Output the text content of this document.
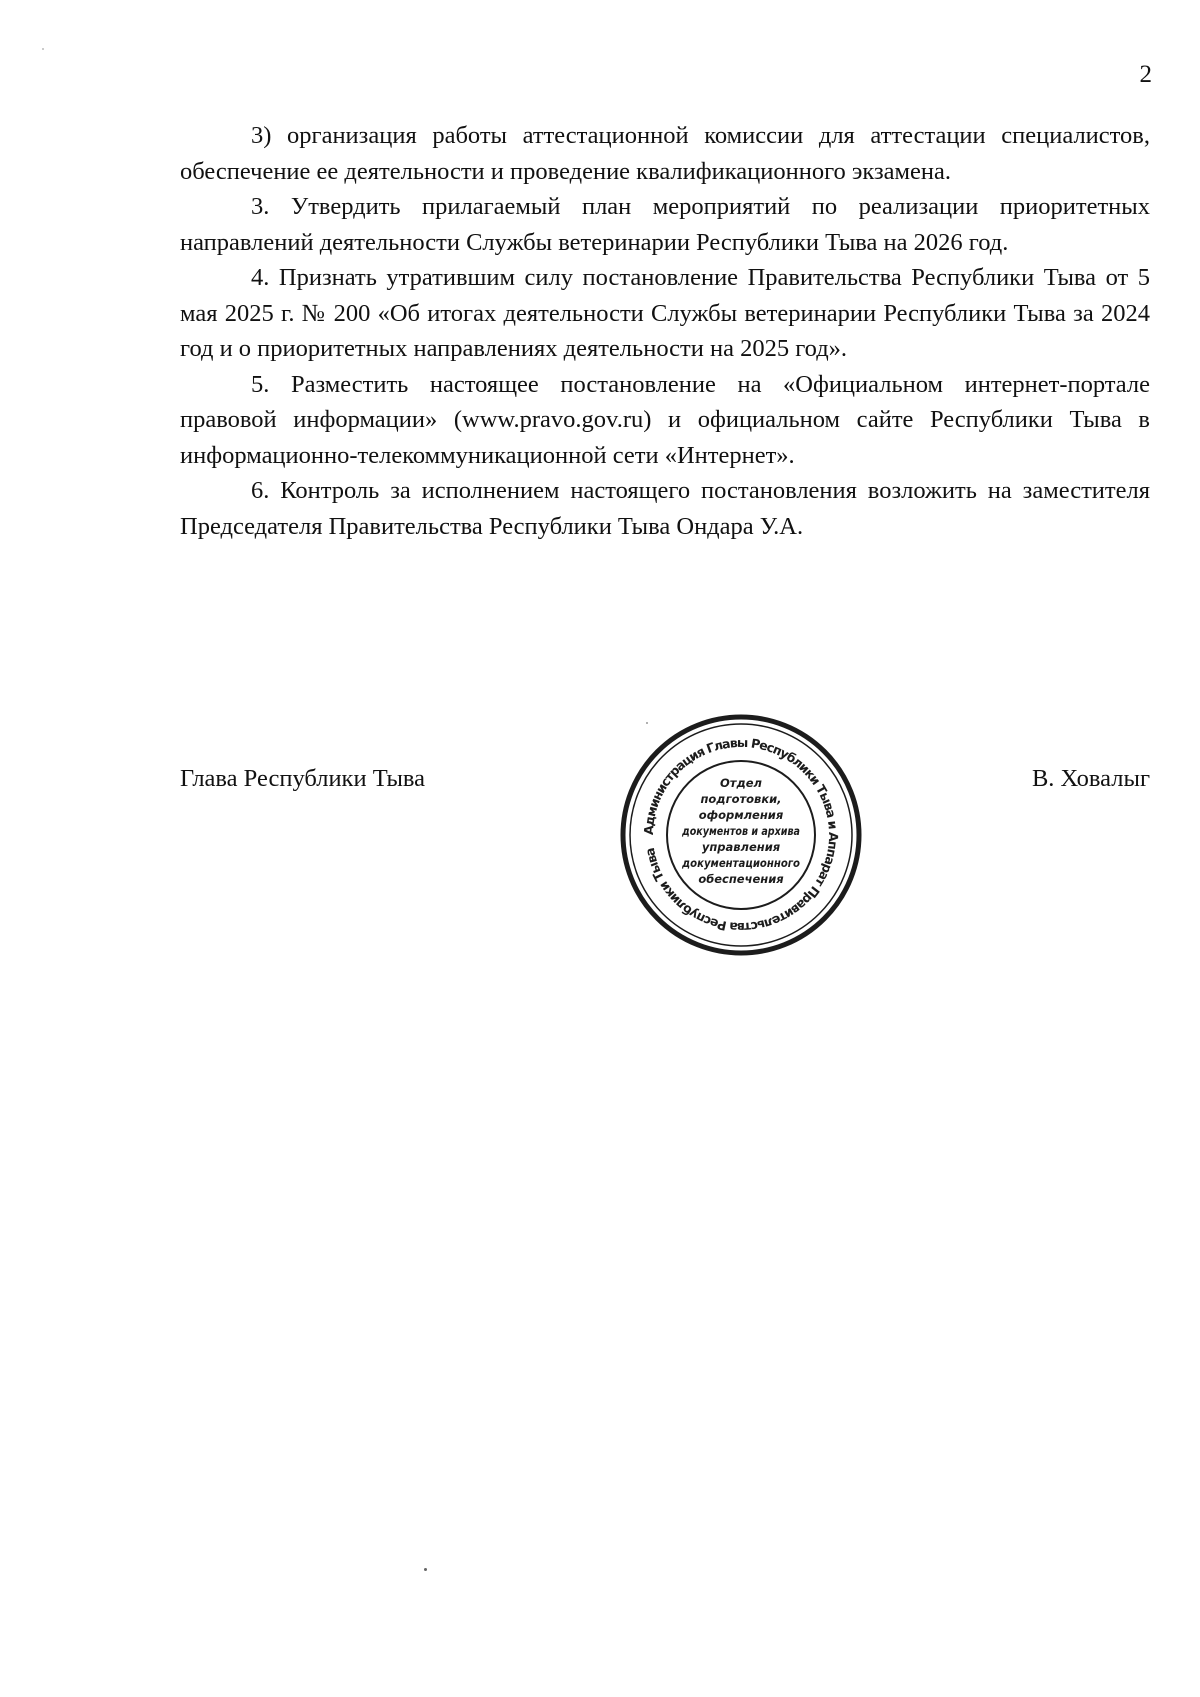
2

3) организация работы аттестационной комиссии для аттестации специалистов, обеспечение ее деятельности и проведение квалификационного экзамена.

3. Утвердить прилагаемый план мероприятий по реализации приоритетных направлений деятельности Службы ветеринарии Республики Тыва на 2026 год.

4. Признать утратившим силу постановление Правительства Республики Тыва от 5 мая 2025 г. № 200 «Об итогах деятельности Службы ветеринарии Республики Тыва за 2024 год и о приоритетных направлениях деятельности на 2025 год».

5. Разместить настоящее постановление на «Официальном интернет-портале правовой информации» (www.pravo.gov.ru) и официальном сайте Республики Тыва в информационно-телекоммуникационной сети «Интернет».

6. Контроль за исполнением настоящего постановления возложить на заместителя Председателя Правительства Республики Тыва Ондара У.А.

Глава Республики Тыва
Администрация Главы Республики Тыва и Аппарат Правительства Республики Тыва
Отдел
подготовки,
оформления
документов и архива
управления
документационного
обеспечения
В. Ховалыг
